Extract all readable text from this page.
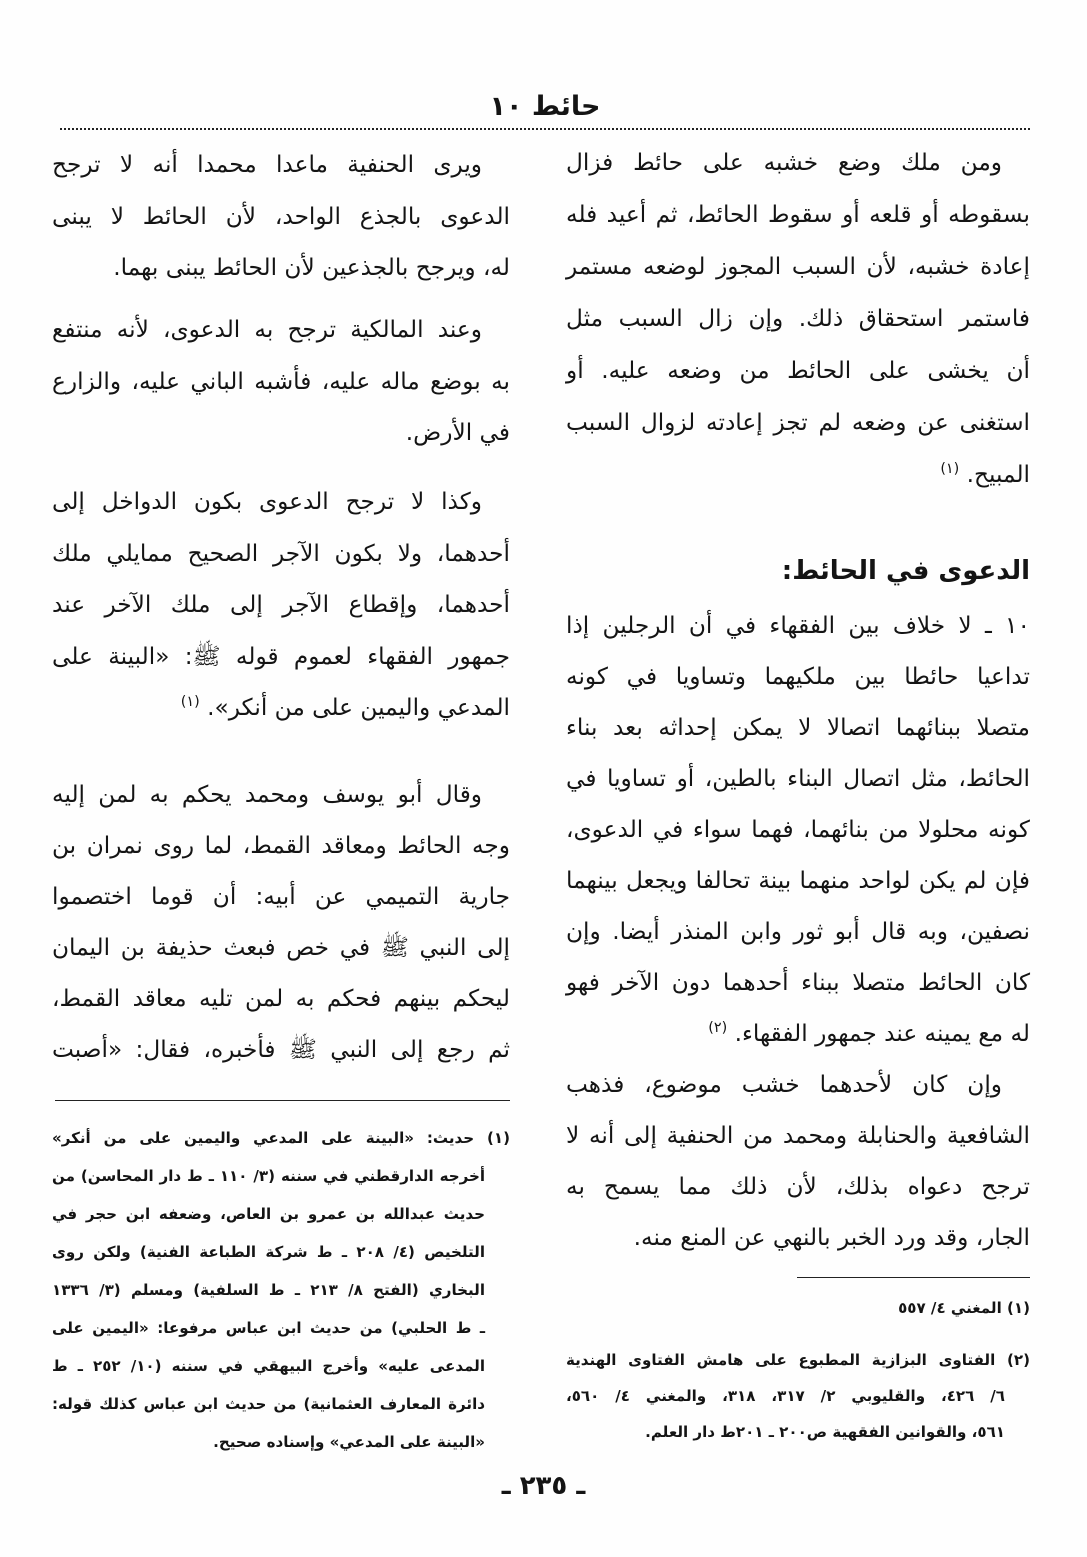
حائط ١٠
ومن ملك وضع خشبه على حائط فزال
بسقوطه أو قلعه أو سقوط الحائط، ثم أعيد فله
إعادة خشبه، لأن السبب المجوز لوضعه مستمر
فاستمر استحقاق ذلك. وإن زال السبب مثل
أن يخشى على الحائط من وضعه عليه. أو
استغنى عن وضعه لم تجز إعادته لزوال السبب
المبيح. $^{(١)}$
الدعوى في الحائط:
١٠ ـ لا خلاف بين الفقهاء في أن الرجلين إذا
تداعيا حائطا بين ملكيهما وتساويا في كونه
متصلا ببنائهما اتصالا لا يمكن إحداثه بعد بناء
الحائط، مثل اتصال البناء بالطين، أو تساويا في
كونه محلولا من بنائهما، فهما سواء في الدعوى،
فإن لم يكن لواحد منهما بينة تحالفا ويجعل بينهما
نصفين، وبه قال أبو ثور وابن المنذر أيضا. وإن
كان الحائط متصلا ببناء أحدهما دون الآخر فهو
له مع يمينه عند جمهور الفقهاء. $^{(٢)}$
وإن كان لأحدهما خشب موضوع، فذهب
الشافعية والحنابلة ومحمد من الحنفية إلى أنه لا
ترجح دعواه بذلك، لأن ذلك مما يسمح به
الجار، وقد ورد الخبر بالنهي عن المنع منه.
(١) المغني ٤/ ٥٥٧
(٢) الفتاوى البزازية المطبوع على هامش الفتاوى الهندية
٦/ ٤٢٦، والقليوبي ٢/ ٣١٧، ٣١٨، والمغني ٤/ ٥٦٠،
٥٦١، والقوانين الفقهية ص٢٠٠ ـ ٢٠١ط دار العلم.
ويرى الحنفية ماعدا محمدا أنه لا ترجح
الدعوى بالجذع الواحد، لأن الحائط لا يبنى
له، ويرجح بالجذعين لأن الحائط يبنى بهما.
وعند المالكية ترجح به الدعوى، لأنه منتفع
به بوضع ماله عليه، فأشبه الباني عليه، والزارع
في الأرض.
وكذا لا ترجح الدعوى بكون الدواخل إلى
أحدهما، ولا بكون الآجر الصحيح ممايلي ملك
أحدهما، وإقطاع الآجر إلى ملك الآخر عند
جمهور الفقهاء لعموم قوله ﷺ: «البينة على
المدعي واليمين على من أنكر». $^{(١)}$
وقال أبو يوسف ومحمد يحكم به لمن إليه
وجه الحائط ومعاقد القمط، لما روى نمران بن
جارية التميمي عن أبيه: أن قوما اختصموا
إلى النبي ﷺ في خص فبعث حذيفة بن اليمان
ليحكم بينهم فحكم به لمن تليه معاقد القمط،
ثم رجع إلى النبي ﷺ فأخبره، فقال: «أصبت
(١) حديث: «البينة على المدعي واليمين على من أنكر»
أخرجه الدارقطني في سننه (٣/ ١١٠ ـ ط دار المحاسن) من
حديث عبدالله بن عمرو بن العاص، وضعفه ابن حجر في
التلخيص (٤/ ٢٠٨ ـ ط شركة الطباعة الفنية) ولكن روى
البخاري (الفتح ٨/ ٢١٣ ـ ط السلفية) ومسلم (٣/ ١٣٣٦
ـ ط الحلبي) من حديث ابن عباس مرفوعا: «اليمين على
المدعى عليه» وأخرج البيهقي في سننه (١٠/ ٢٥٢ ـ ط
دائرة المعارف العثمانية) من حديث ابن عباس كذلك قوله:
«البينة على المدعي» وإسناده صحيح.
ـ ٢٣٥ ـ
